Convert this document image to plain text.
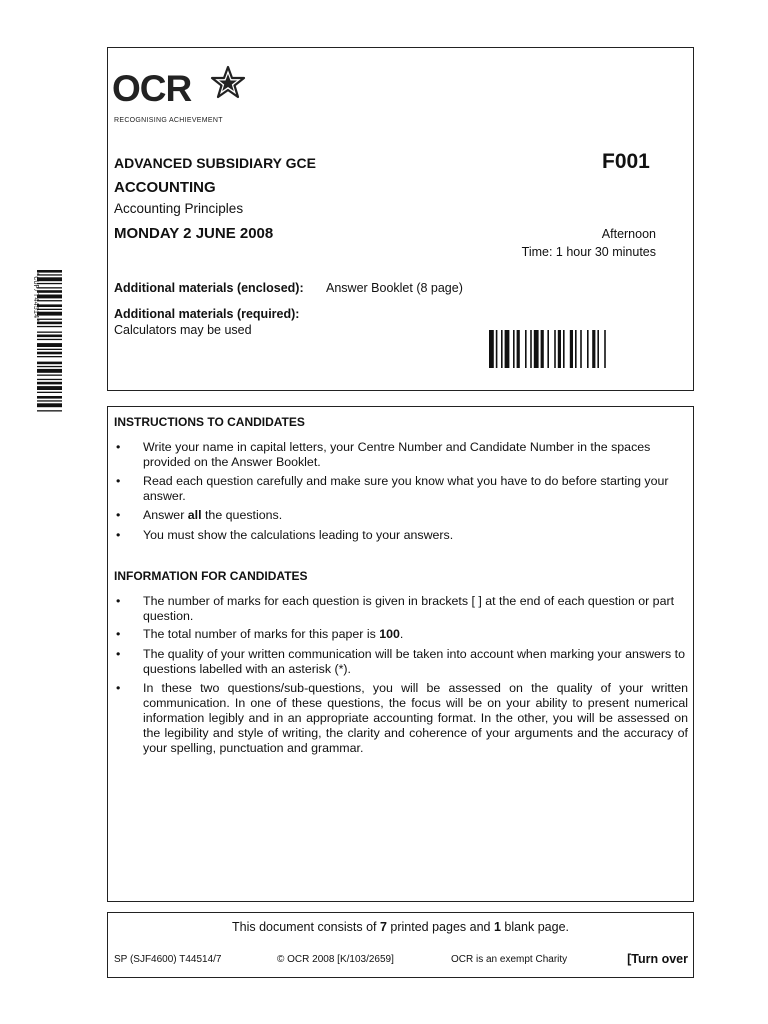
*CUP/T44514*
OCR
RECOGNISING ACHIEVEMENT
ADVANCED SUBSIDIARY GCE	F001
ACCOUNTING
Accounting Principles
MONDAY 2 JUNE 2008	Afternoon
Time: 1 hour 30 minutes
Additional materials (enclosed): Answer Booklet (8 page)
Additional materials (required):
Calculators may be used
INSTRUCTIONS TO CANDIDATES
• Write your name in capital letters, your Centre Number and Candidate Number in the spaces provided on the Answer Booklet.
• Read each question carefully and make sure you know what you have to do before starting your answer.
• Answer all the questions.
• You must show the calculations leading to your answers.
INFORMATION FOR CANDIDATES
• The number of marks for each question is given in brackets [ ] at the end of each question or part question.
• The total number of marks for this paper is 100.
• The quality of your written communication will be taken into account when marking your answers to questions labelled with an asterisk (*).
• In these two questions/sub-questions, you will be assessed on the quality of your written communication. In one of these questions, the focus will be on your ability to present numerical information legibly and in an appropriate accounting format. In the other, you will be assessed on the legibility and style of writing, the clarity and coherence of your arguments and the accuracy of your spelling, punctuation and grammar.
This document consists of 7 printed pages and 1 blank page.
SP (SJF4600) T44514/7	© OCR 2008 [K/103/2659]	OCR is an exempt Charity	[Turn over
